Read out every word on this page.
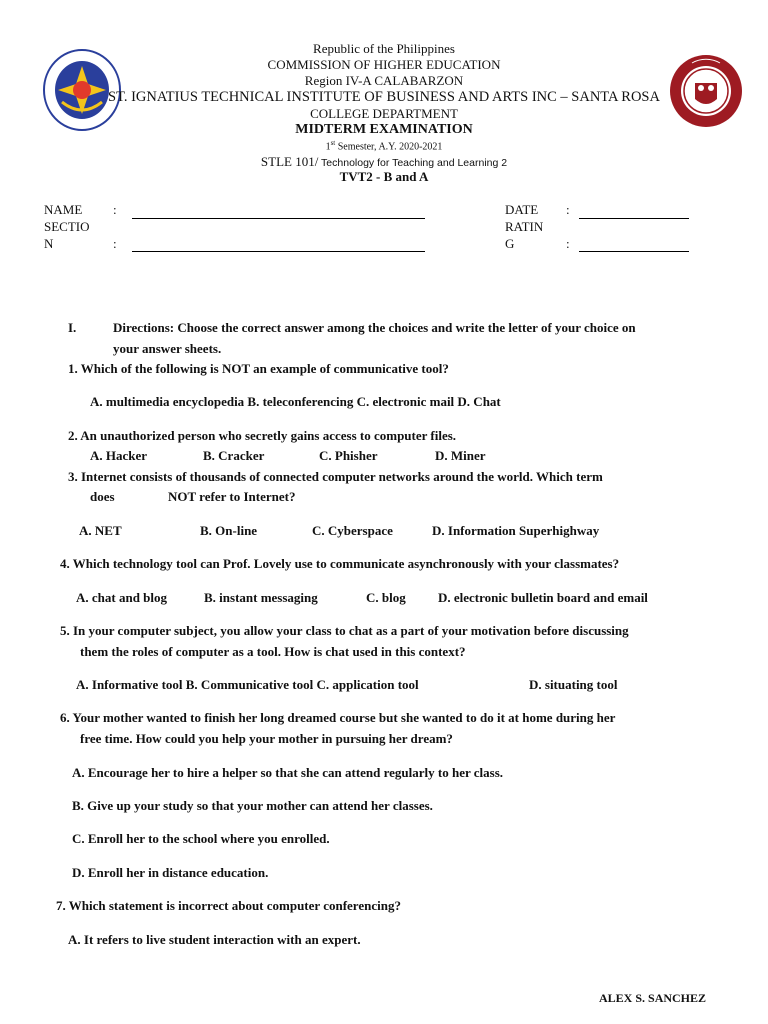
Republic of the Philippines
COMMISSION OF HIGHER EDUCATION
Region IV-A CALABARZON
ST. IGNATIUS TECHNICAL INSTITUTE OF BUSINESS AND ARTS INC – SANTA ROSA
COLLEGE DEPARTMENT
MIDTERM EXAMINATION
1st Semester, A.Y. 2020-2021
STLE 101/ Technology for Teaching and Learning 2
TVT2 - B and A
NAME :
SECTIO
N	:
DATE :
RATIN
G	:
I.	Directions: Choose the correct answer among the choices and write the letter of your choice on
your answer sheets.
1. Which of the following is NOT an example of communicative tool?
A. multimedia encyclopedia B. teleconferencing C. electronic mail D. Chat
2. An unauthorized person who secretly gains access to computer files.
A. Hacker	B. Cracker	C. Phisher	D. Miner
3. Internet consists of thousands of connected computer networks around the world. Which term
does	NOT refer to Internet?
A. NET	B. On-line	C. Cyberspace	D. Information Superhighway
4. Which technology tool can Prof. Lovely use to communicate asynchronously with your classmates?
A. chat and blog	B. instant messaging	C. blog D. electronic bulletin board and email
5. In your computer subject, you allow your class to chat as a part of your motivation before discussing
them the roles of computer as a tool. How is chat used in this context?
A. Informative tool B. Communicative tool C. application tool	D. situating tool
6. Your mother wanted to finish her long dreamed course but she wanted to do it at home during her
free time. How could you help your mother in pursuing her dream?
A. Encourage her to hire a helper so that she can attend regularly to her class.
B. Give up your study so that your mother can attend her classes.
C. Enroll her to the school where you enrolled.
D. Enroll her in distance education.
7. Which statement is incorrect about computer conferencing?
A. It refers to live student interaction with an expert.
ALEX S. SANCHEZ
